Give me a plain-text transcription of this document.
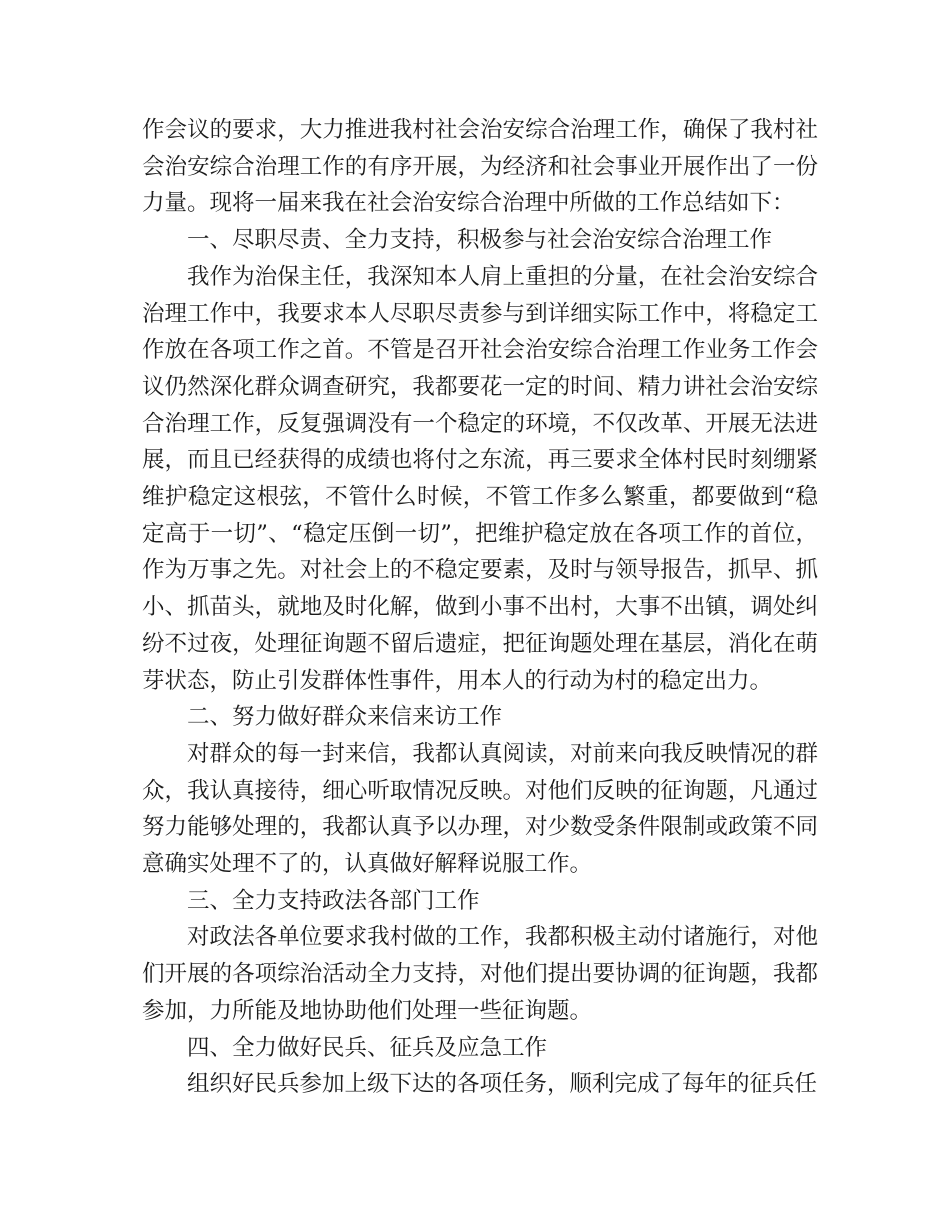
作会议的要求，大力推进我村社会治安综合治理工作，确保了我村社会治安综合治理工作的有序开展，为经济和社会事业开展作出了一份力量。现将一届来我在社会治安综合治理中所做的工作总结如下：

一、尽职尽责、全力支持，积极参与社会治安综合治理工作

我作为治保主任，我深知本人肩上重担的分量，在社会治安综合治理工作中，我要求本人尽职尽责参与到详细实际工作中，将稳定工作放在各项工作之首。不管是召开社会治安综合治理工作业务工作会议仍然深化群众调查研究，我都要花一定的时间、精力讲社会治安综合治理工作，反复强调没有一个稳定的环境，不仅改革、开展无法进展，而且已经获得的成绩也将付之东流，再三要求全体村民时刻绷紧维护稳定这根弦，不管什么时候，不管工作多么繁重，都要做到“稳定高于一切”、“稳定压倒一切”，把维护稳定放在各项工作的首位，作为万事之先。对社会上的不稳定要素，及时与领导报告，抓早、抓小、抓苗头，就地及时化解，做到小事不出村，大事不出镇，调处纠纷不过夜，处理征询题不留后遗症，把征询题处理在基层，消化在萌芽状态，防止引发群体性事件，用本人的行动为村的稳定出力。

二、努力做好群众来信来访工作

对群众的每一封来信，我都认真阅读，对前来向我反映情况的群众，我认真接待，细心听取情况反映。对他们反映的征询题，凡通过努力能够处理的，我都认真予以办理，对少数受条件限制或政策不同意确实处理不了的，认真做好解释说服工作。

三、全力支持政法各部门工作

对政法各单位要求我村做的工作，我都积极主动付诸施行，对他们开展的各项综治活动全力支持，对他们提出要协调的征询题，我都参加，力所能及地协助他们处理一些征询题。

四、全力做好民兵、征兵及应急工作

组织好民兵参加上级下达的各项任务，顺利完成了每年的征兵任
